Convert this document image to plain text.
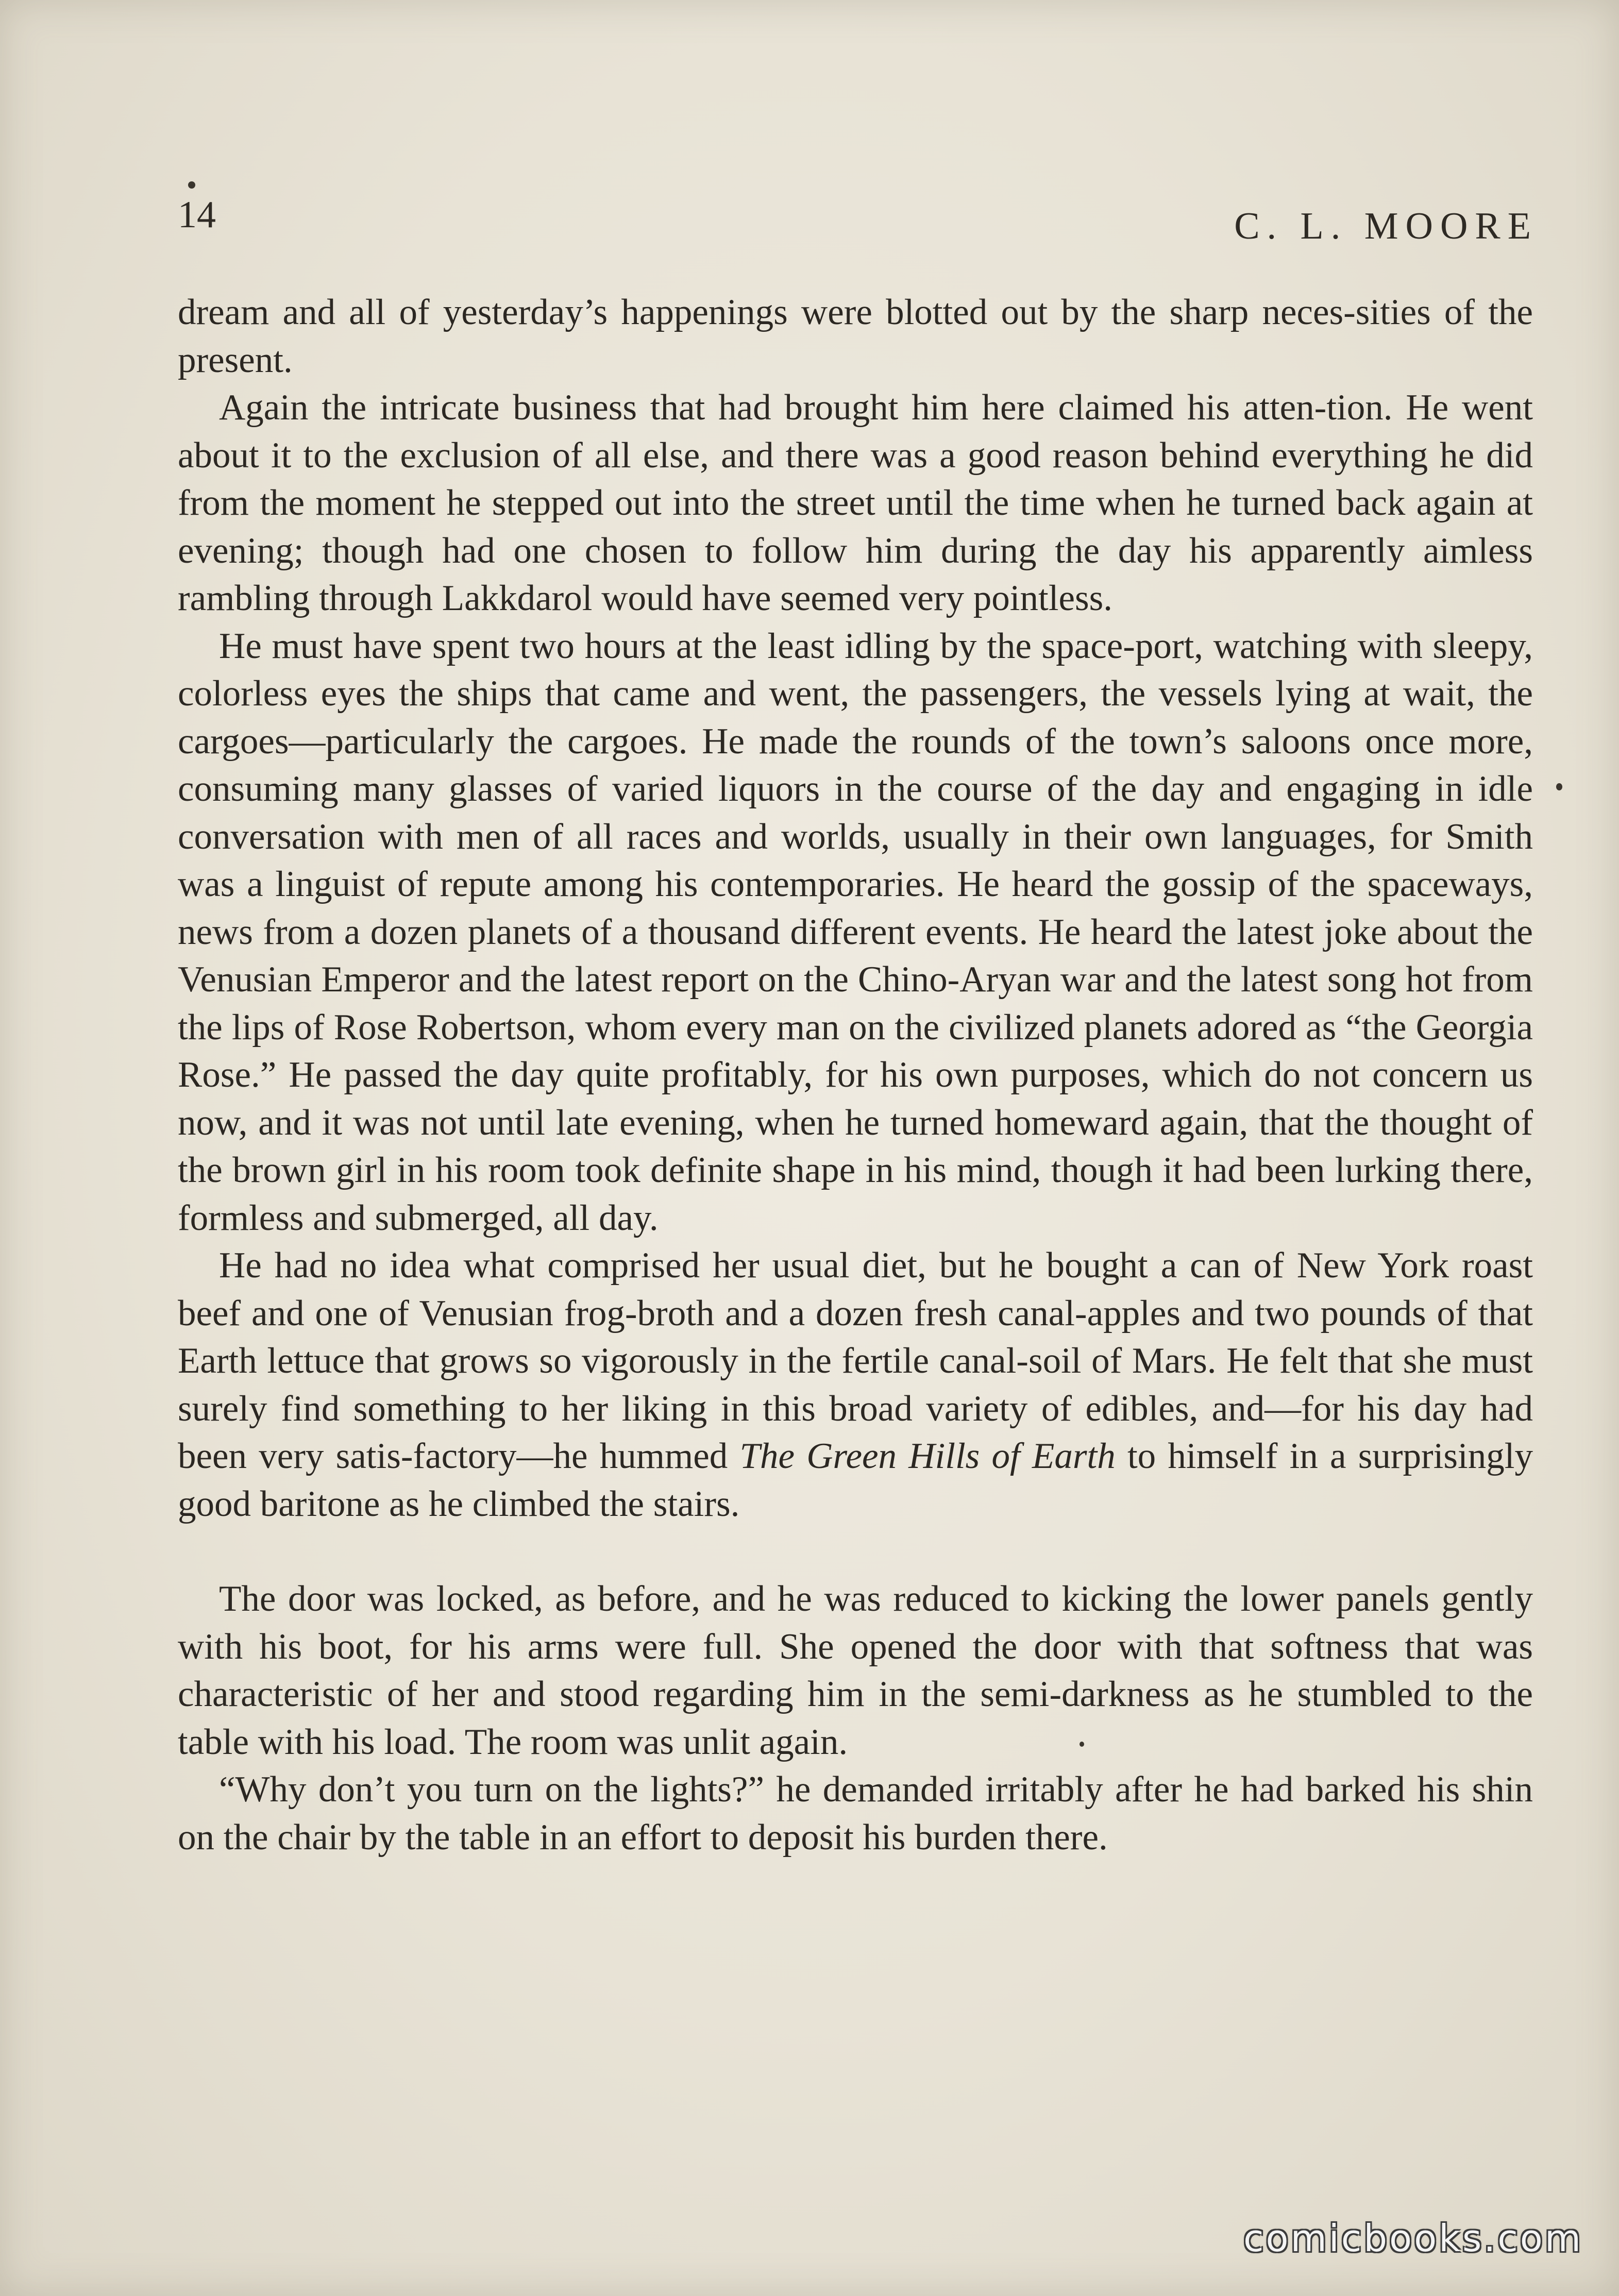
14	C. L. MOORE

dream and all of yesterday’s happenings were blotted out by the sharp neces-sities of the present.

Again the intricate business that had brought him here claimed his atten-tion. He went about it to the exclusion of all else, and there was a good reason behind everything he did from the moment he stepped out into the street until the time when he turned back again at evening; though had one chosen to follow him during the day his apparently aimless rambling through Lakkdarol would have seemed very pointless.

He must have spent two hours at the least idling by the space-port, watching with sleepy, colorless eyes the ships that came and went, the passengers, the vessels lying at wait, the cargoes—particularly the cargoes. He made the rounds of the town’s saloons once more, consuming many glasses of varied liquors in the course of the day and engaging in idle conversation with men of all races and worlds, usually in their own languages, for Smith was a linguist of repute among his contemporaries. He heard the gossip of the spaceways, news from a dozen planets of a thousand different events. He heard the latest joke about the Venusian Emperor and the latest report on the Chino-Aryan war and the latest song hot from the lips of Rose Robertson, whom every man on the civilized planets adored as “the Georgia Rose.” He passed the day quite profitably, for his own purposes, which do not concern us now, and it was not until late evening, when he turned homeward again, that the thought of the brown girl in his room took definite shape in his mind, though it had been lurking there, formless and submerged, all day.

He had no idea what comprised her usual diet, but he bought a can of New York roast beef and one of Venusian frog-broth and a dozen fresh canal-apples and two pounds of that Earth lettuce that grows so vigorously in the fertile canal-soil of Mars. He felt that she must surely find something to her liking in this broad variety of edibles, and—for his day had been very satis-factory—he hummed The Green Hills of Earth to himself in a surprisingly good baritone as he climbed the stairs.

The door was locked, as before, and he was reduced to kicking the lower panels gently with his boot, for his arms were full. She opened the door with that softness that was characteristic of her and stood regarding him in the semi-darkness as he stumbled to the table with his load. The room was unlit again.

“Why don’t you turn on the lights?” he demanded irritably after he had barked his shin on the chair by the table in an effort to deposit his burden there.

comicbooks.com
